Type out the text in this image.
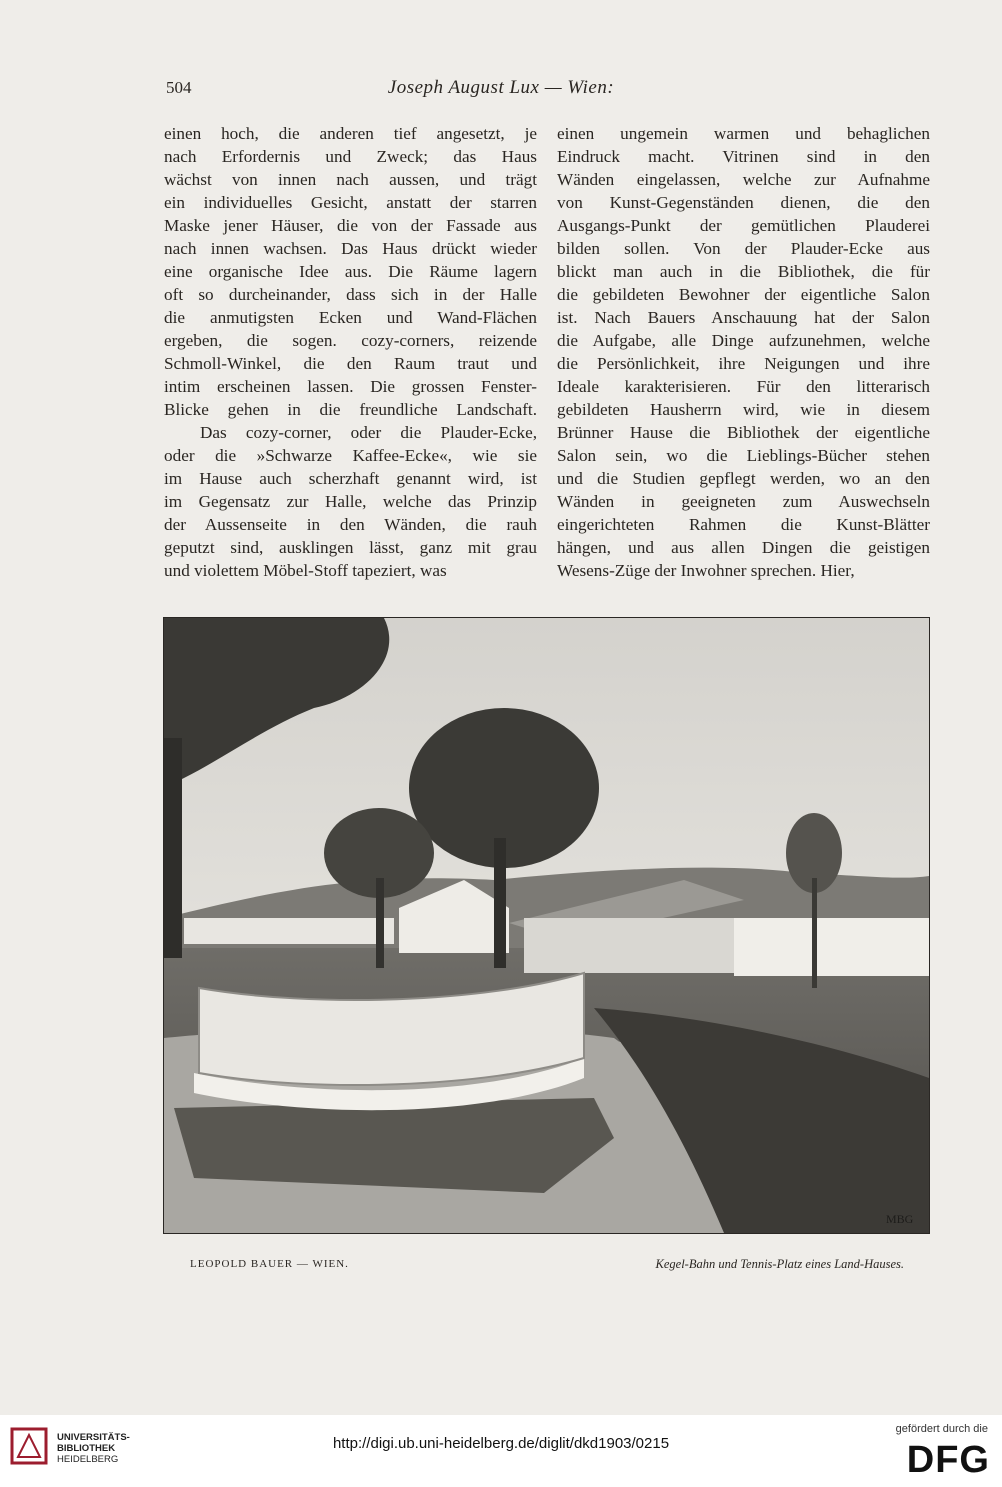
504	Joseph August Lux — Wien:
einen hoch, die anderen tief angesetzt, je
nach Erfordernis und Zweck; das Haus
wächst von innen nach aussen, und trägt
ein individuelles Gesicht, anstatt der starren
Maske jener Häuser, die von der Fassade aus
nach innen wachsen. Das Haus drückt wieder
eine organische Idee aus. Die Räume lagern
oft so durcheinander, dass sich in der Halle
die anmutigsten Ecken und Wand-Flächen
ergeben, die sogen. cozy-corners, reizende
Schmoll-Winkel, die den Raum traut und
intim erscheinen lassen. Die grossen Fenster-
Blicke gehen in die freundliche Landschaft.
Das cozy-corner, oder die Plauder-Ecke,
oder die »Schwarze Kaffee-Ecke«, wie sie
im Hause auch scherzhaft genannt wird, ist
im Gegensatz zur Halle, welche das Prinzip
der Aussenseite in den Wänden, die rauh
geputzt sind, ausklingen lässt, ganz mit grau
und violettem Möbel-Stoff tapeziert, was
einen ungemein warmen und behaglichen
Eindruck macht. Vitrinen sind in den
Wänden eingelassen, welche zur Aufnahme
von Kunst-Gegenständen dienen, die den
Ausgangs-Punkt der gemütlichen Plauderei
bilden sollen. Von der Plauder-Ecke aus
blickt man auch in die Bibliothek, die für
die gebildeten Bewohner der eigentliche Salon
ist. Nach Bauers Anschauung hat der Salon
die Aufgabe, alle Dinge aufzunehmen, welche
die Persönlichkeit, ihre Neigungen und ihre
Ideale karakterisieren. Für den litterarisch
gebildeten Hausherrn wird, wie in diesem
Brünner Hause die Bibliothek der eigentliche
Salon sein, wo die Lieblings-Bücher stehen
und die Studien gepflegt werden, wo an den
Wänden in geeigneten zum Auswechseln
eingerichteten Rahmen die Kunst-Blätter
hängen, und aus allen Dingen die geistigen
Wesens-Züge der Inwohner sprechen. Hier,
MBG
LEOPOLD BAUER — WIEN.	Kegel-Bahn und Tennis-Platz eines Land-Hauses.
UNIVERSITÄTS-
BIBLIOTHEK
HEIDELBERG
http://digi.ub.uni-heidelberg.de/diglit/dkd1903/0215
gefördert durch die
DFG
